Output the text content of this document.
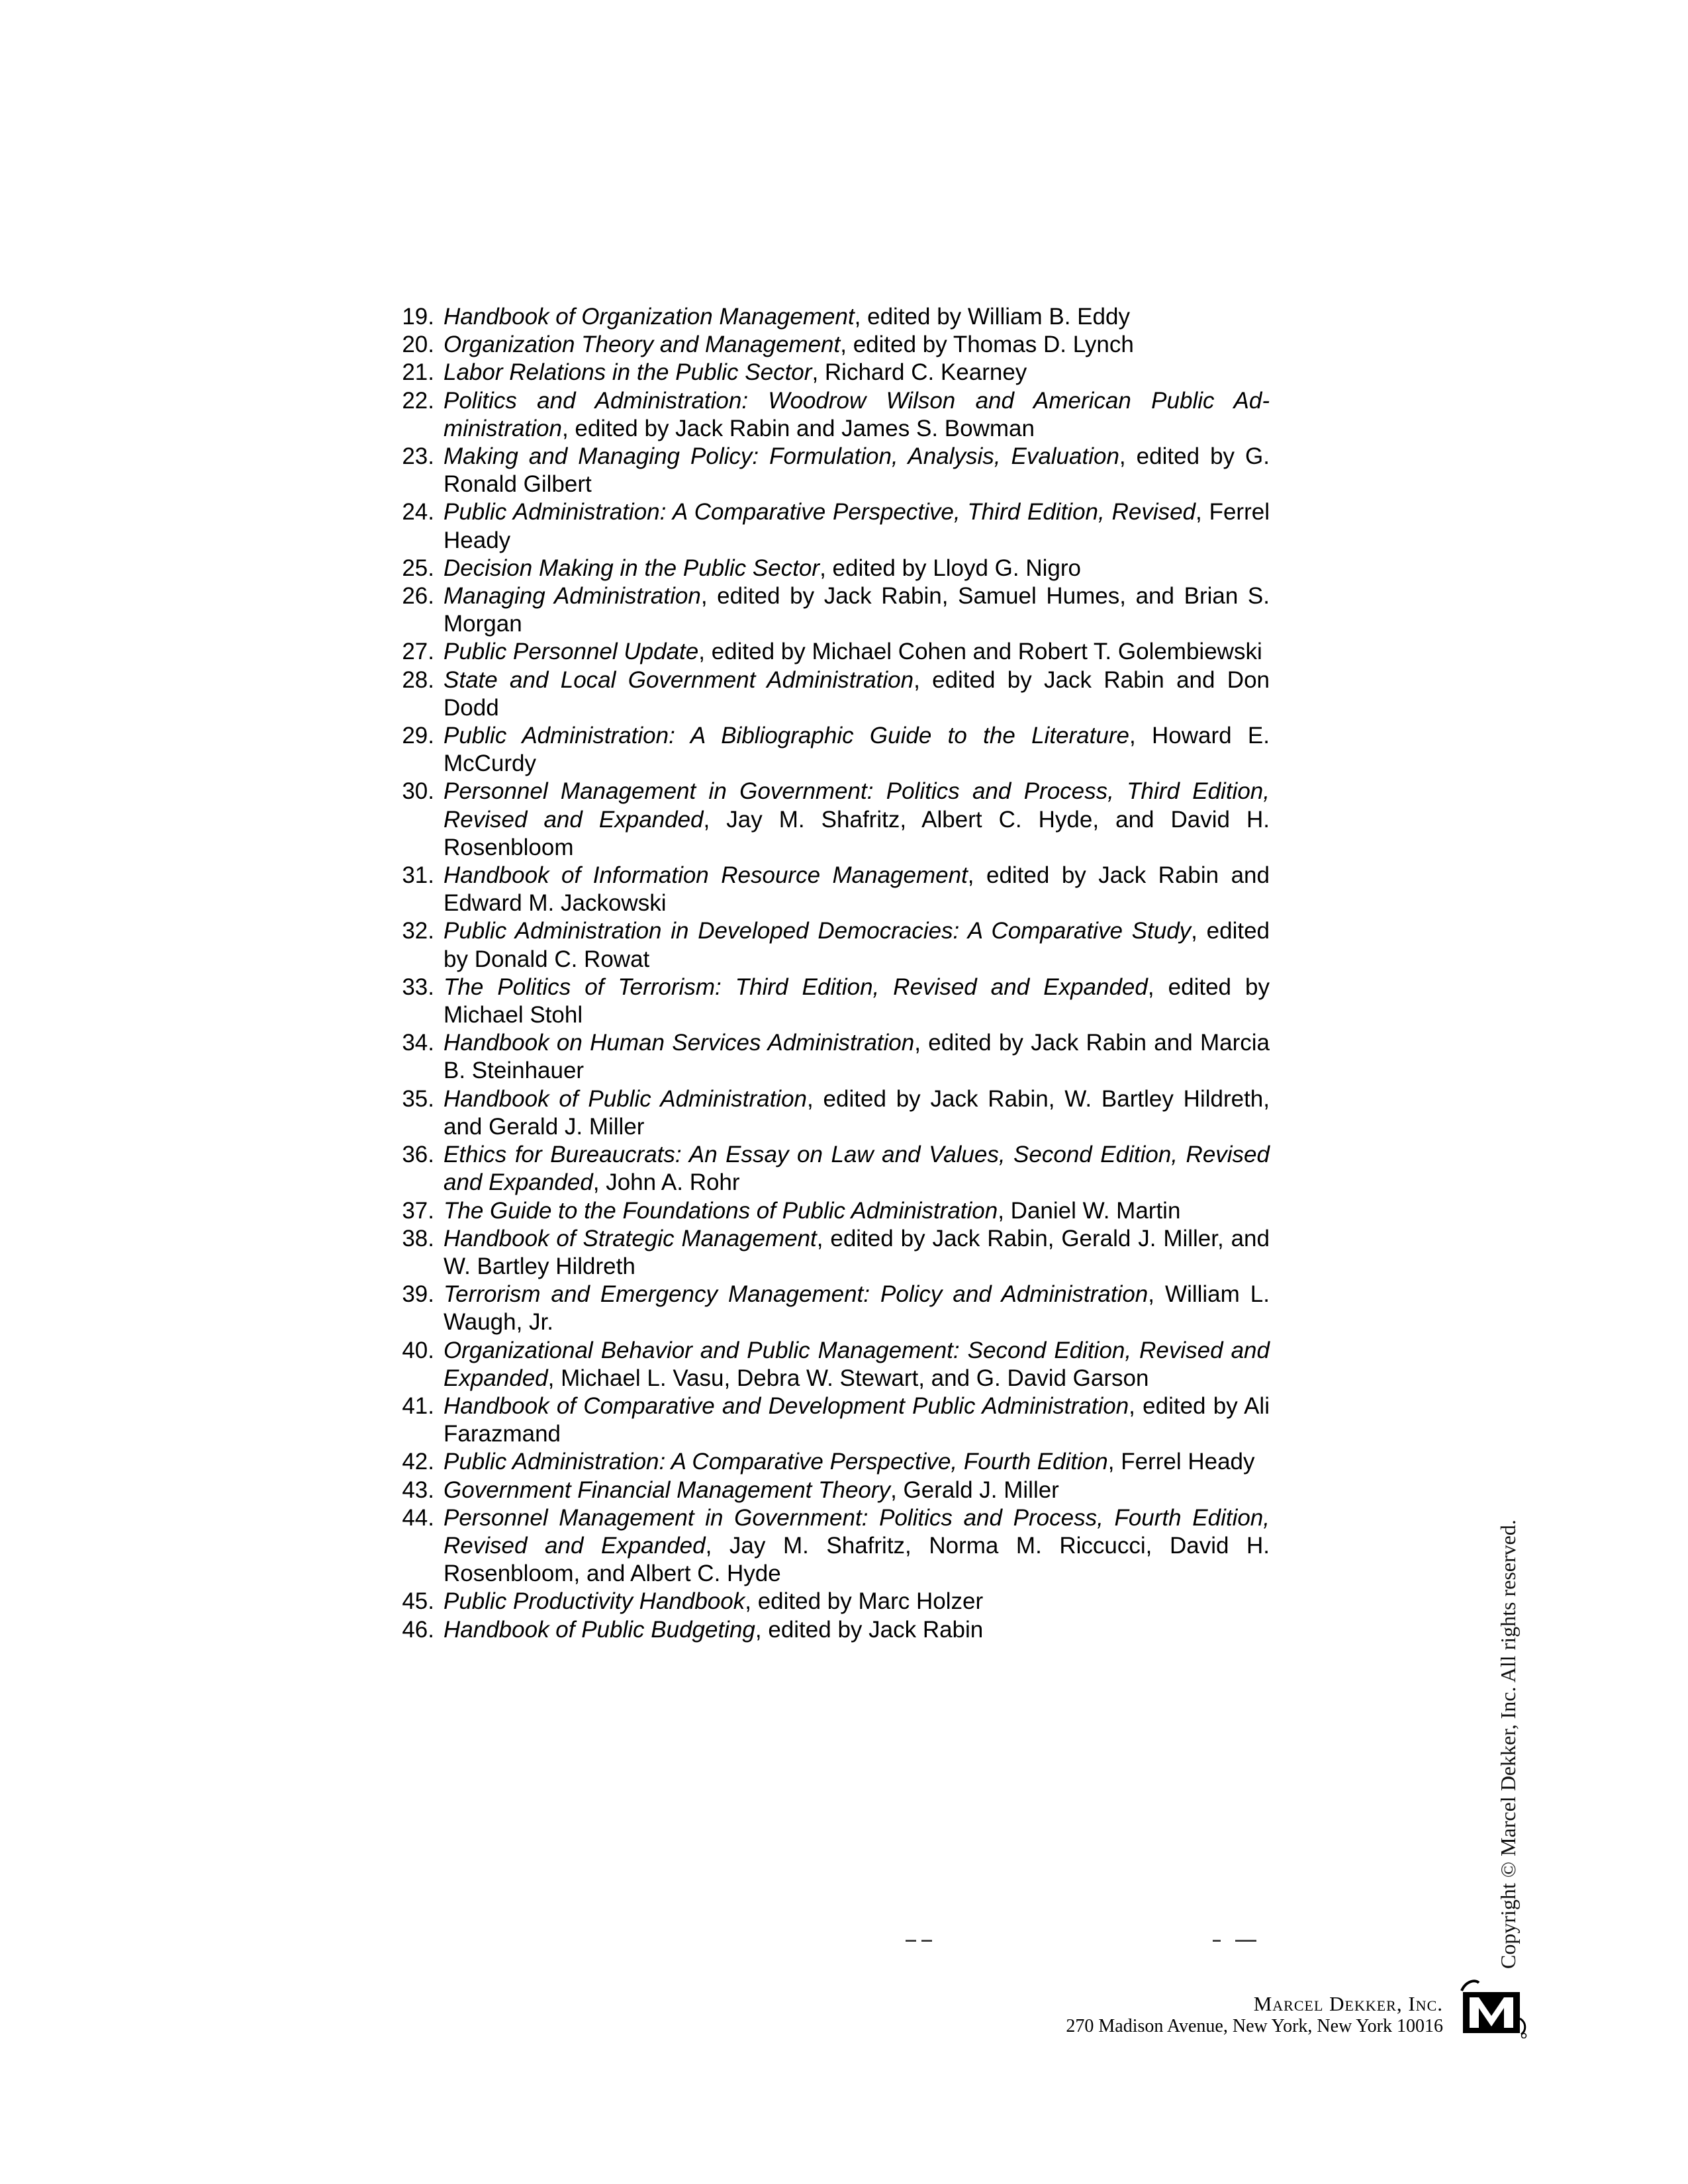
19. Handbook of Organization Management, edited by William B. Eddy
20. Organization Theory and Management, edited by Thomas D. Lynch
21. Labor Relations in the Public Sector, Richard C. Kearney
22. Politics and Administration: Woodrow Wilson and American Public Administration, edited by Jack Rabin and James S. Bowman
23. Making and Managing Policy: Formulation, Analysis, Evaluation, edited by G. Ronald Gilbert
24. Public Administration: A Comparative Perspective, Third Edition, Revised, Ferrel Heady
25. Decision Making in the Public Sector, edited by Lloyd G. Nigro
26. Managing Administration, edited by Jack Rabin, Samuel Humes, and Brian S. Morgan
27. Public Personnel Update, edited by Michael Cohen and Robert T. Golembiewski
28. State and Local Government Administration, edited by Jack Rabin and Don Dodd
29. Public Administration: A Bibliographic Guide to the Literature, Howard E. McCurdy
30. Personnel Management in Government: Politics and Process, Third Edition, Revised and Expanded, Jay M. Shafritz, Albert C. Hyde, and David H. Rosenbloom
31. Handbook of Information Resource Management, edited by Jack Rabin and Edward M. Jackowski
32. Public Administration in Developed Democracies: A Comparative Study, edited by Donald C. Rowat
33. The Politics of Terrorism: Third Edition, Revised and Expanded, edited by Michael Stohl
34. Handbook on Human Services Administration, edited by Jack Rabin and Marcia B. Steinhauer
35. Handbook of Public Administration, edited by Jack Rabin, W. Bartley Hildreth, and Gerald J. Miller
36. Ethics for Bureaucrats: An Essay on Law and Values, Second Edition, Revised and Expanded, John A. Rohr
37. The Guide to the Foundations of Public Administration, Daniel W. Martin
38. Handbook of Strategic Management, edited by Jack Rabin, Gerald J. Miller, and W. Bartley Hildreth
39. Terrorism and Emergency Management: Policy and Administration, William L. Waugh, Jr.
40. Organizational Behavior and Public Management: Second Edition, Revised and Expanded, Michael L. Vasu, Debra W. Stewart, and G. David Garson
41. Handbook of Comparative and Development Public Administration, edited by Ali Farazmand
42. Public Administration: A Comparative Perspective, Fourth Edition, Ferrel Heady
43. Government Financial Management Theory, Gerald J. Miller
44. Personnel Management in Government: Politics and Process, Fourth Edition, Revised and Expanded, Jay M. Shafritz, Norma M. Riccucci, David H. Rosenbloom, and Albert C. Hyde
45. Public Productivity Handbook, edited by Marc Holzer
46. Handbook of Public Budgeting, edited by Jack Rabin	Copyright © Marcel Dekker, Inc. All rights reserved.
Marcel Dekker, Inc.
270 Madison Avenue, New York, New York 10016
